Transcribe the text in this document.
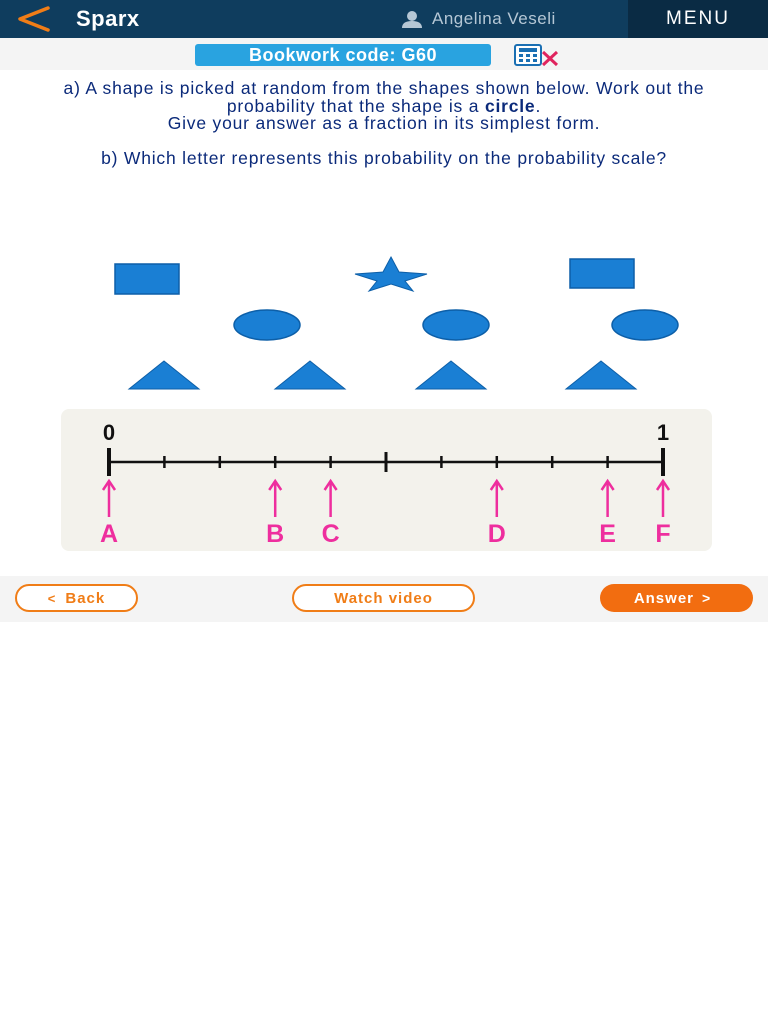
Sparx	Angelina Veseli	MENU
Bookwork code: G60

a) A shape is picked at random from the shapes shown below. Work out the probability that the shape is a circle.
Give your answer as a fraction in its simplest form.

b) Which letter represents this probability on the probability scale?

0	1
A	B C	D	E F
< Back	Watch video	Answer >
